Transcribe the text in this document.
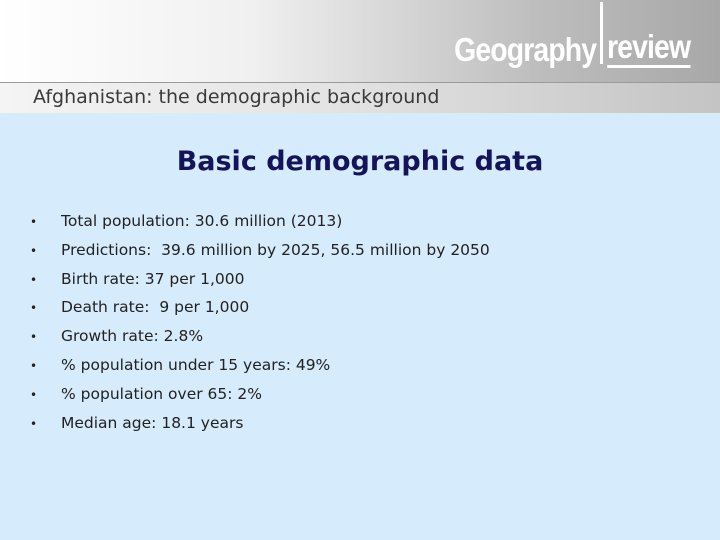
Geography review
Afghanistan: the demographic background
Basic demographic data
•	Total population: 30.6 million (2013)
•	Predictions:  39.6 million by 2025, 56.5 million by 2050
•	Birth rate: 37 per 1,000
•	Death rate:  9 per 1,000
•	Growth rate: 2.8%
•	% population under 15 years: 49%
•	% population over 65: 2%
•	Median age: 18.1 years
